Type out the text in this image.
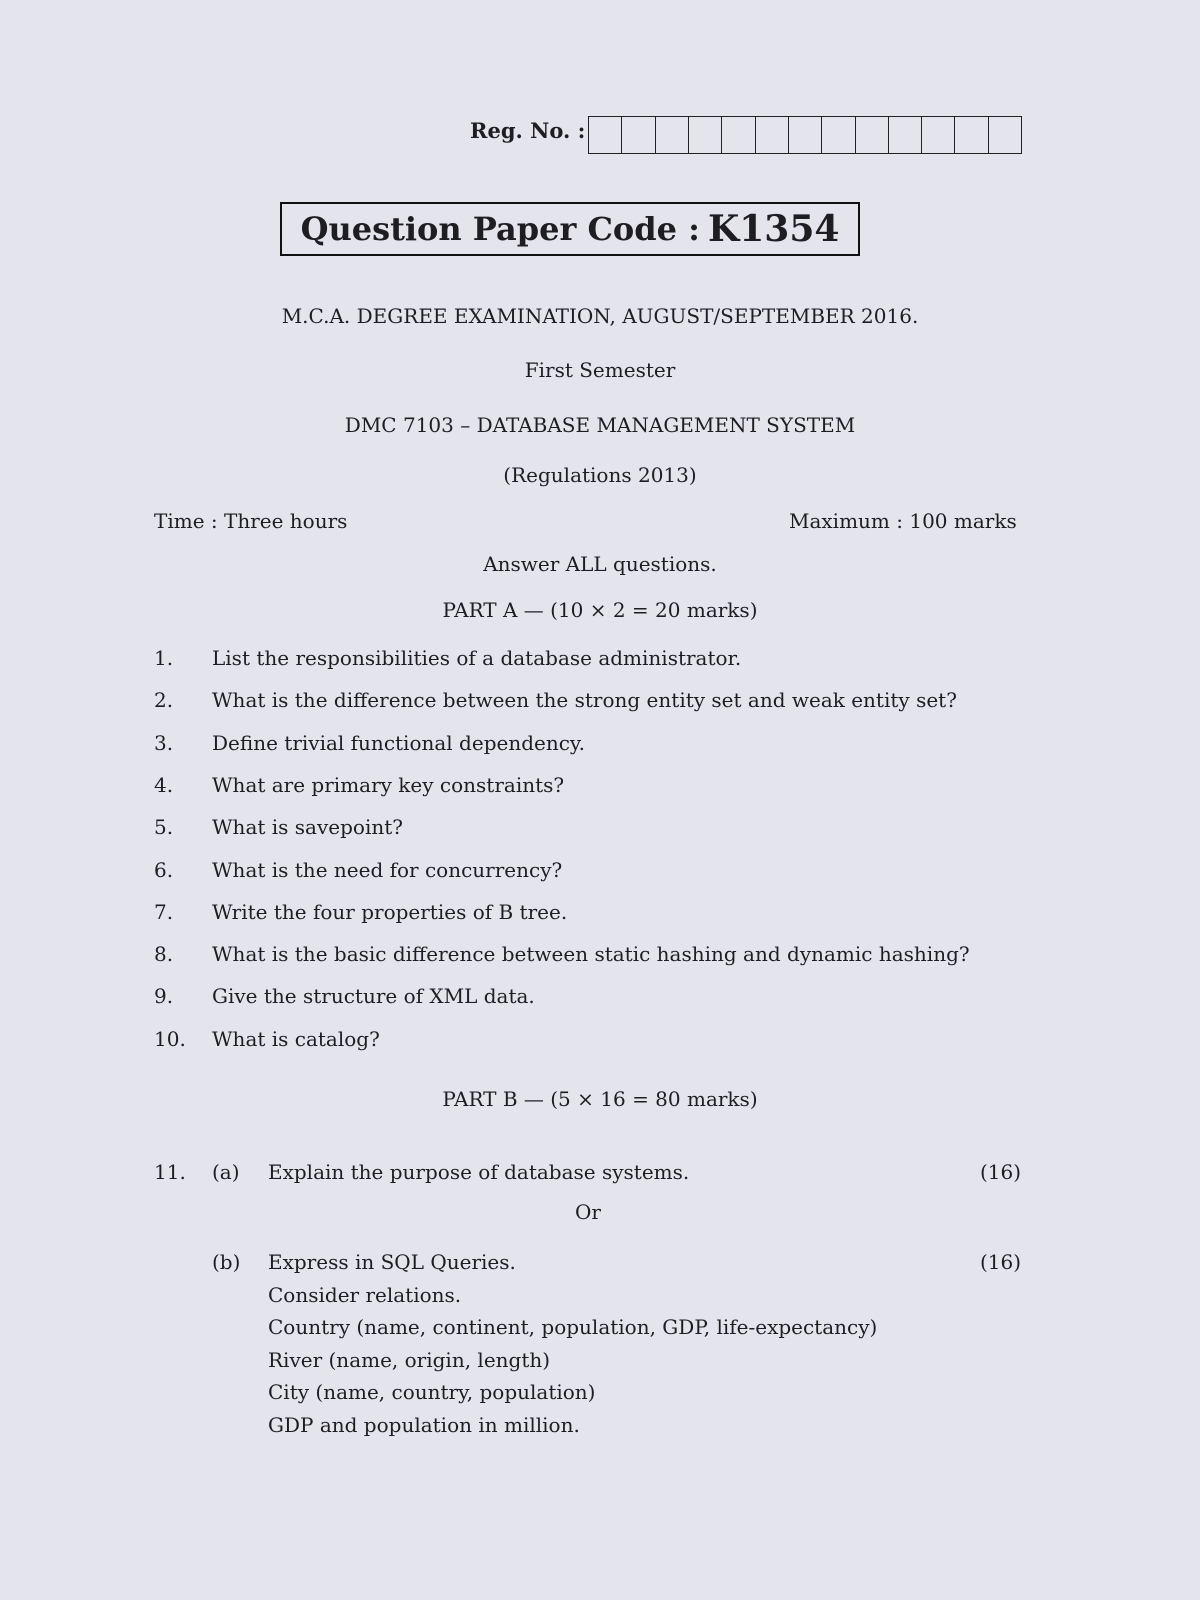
Reg. No. :
Question Paper Code : K1354
M.C.A. DEGREE EXAMINATION, AUGUST/SEPTEMBER 2016.
First Semester
DMC 7103 – DATABASE MANAGEMENT SYSTEM
(Regulations 2013)
Time : Three hours	Maximum : 100 marks
Answer ALL questions.
PART A — (10 × 2 = 20 marks)
1. List the responsibilities of a database administrator.
2. What is the difference between the strong entity set and weak entity set?
3. Define trivial functional dependency.
4. What are primary key constraints?
5. What is savepoint?
6. What is the need for concurrency?
7. Write the four properties of B tree.
8. What is the basic difference between static hashing and dynamic hashing?
9. Give the structure of XML data.
10. What is catalog?
PART B — (5 × 16 = 80 marks)
11. (a) Explain the purpose of database systems.	(16)
Or
(b)	(16)
Express in SQL Queries.
Consider relations.
Country (name, continent, population, GDP, life-expectancy)
River (name, origin, length)
City (name, country, population)
GDP and population in million.
